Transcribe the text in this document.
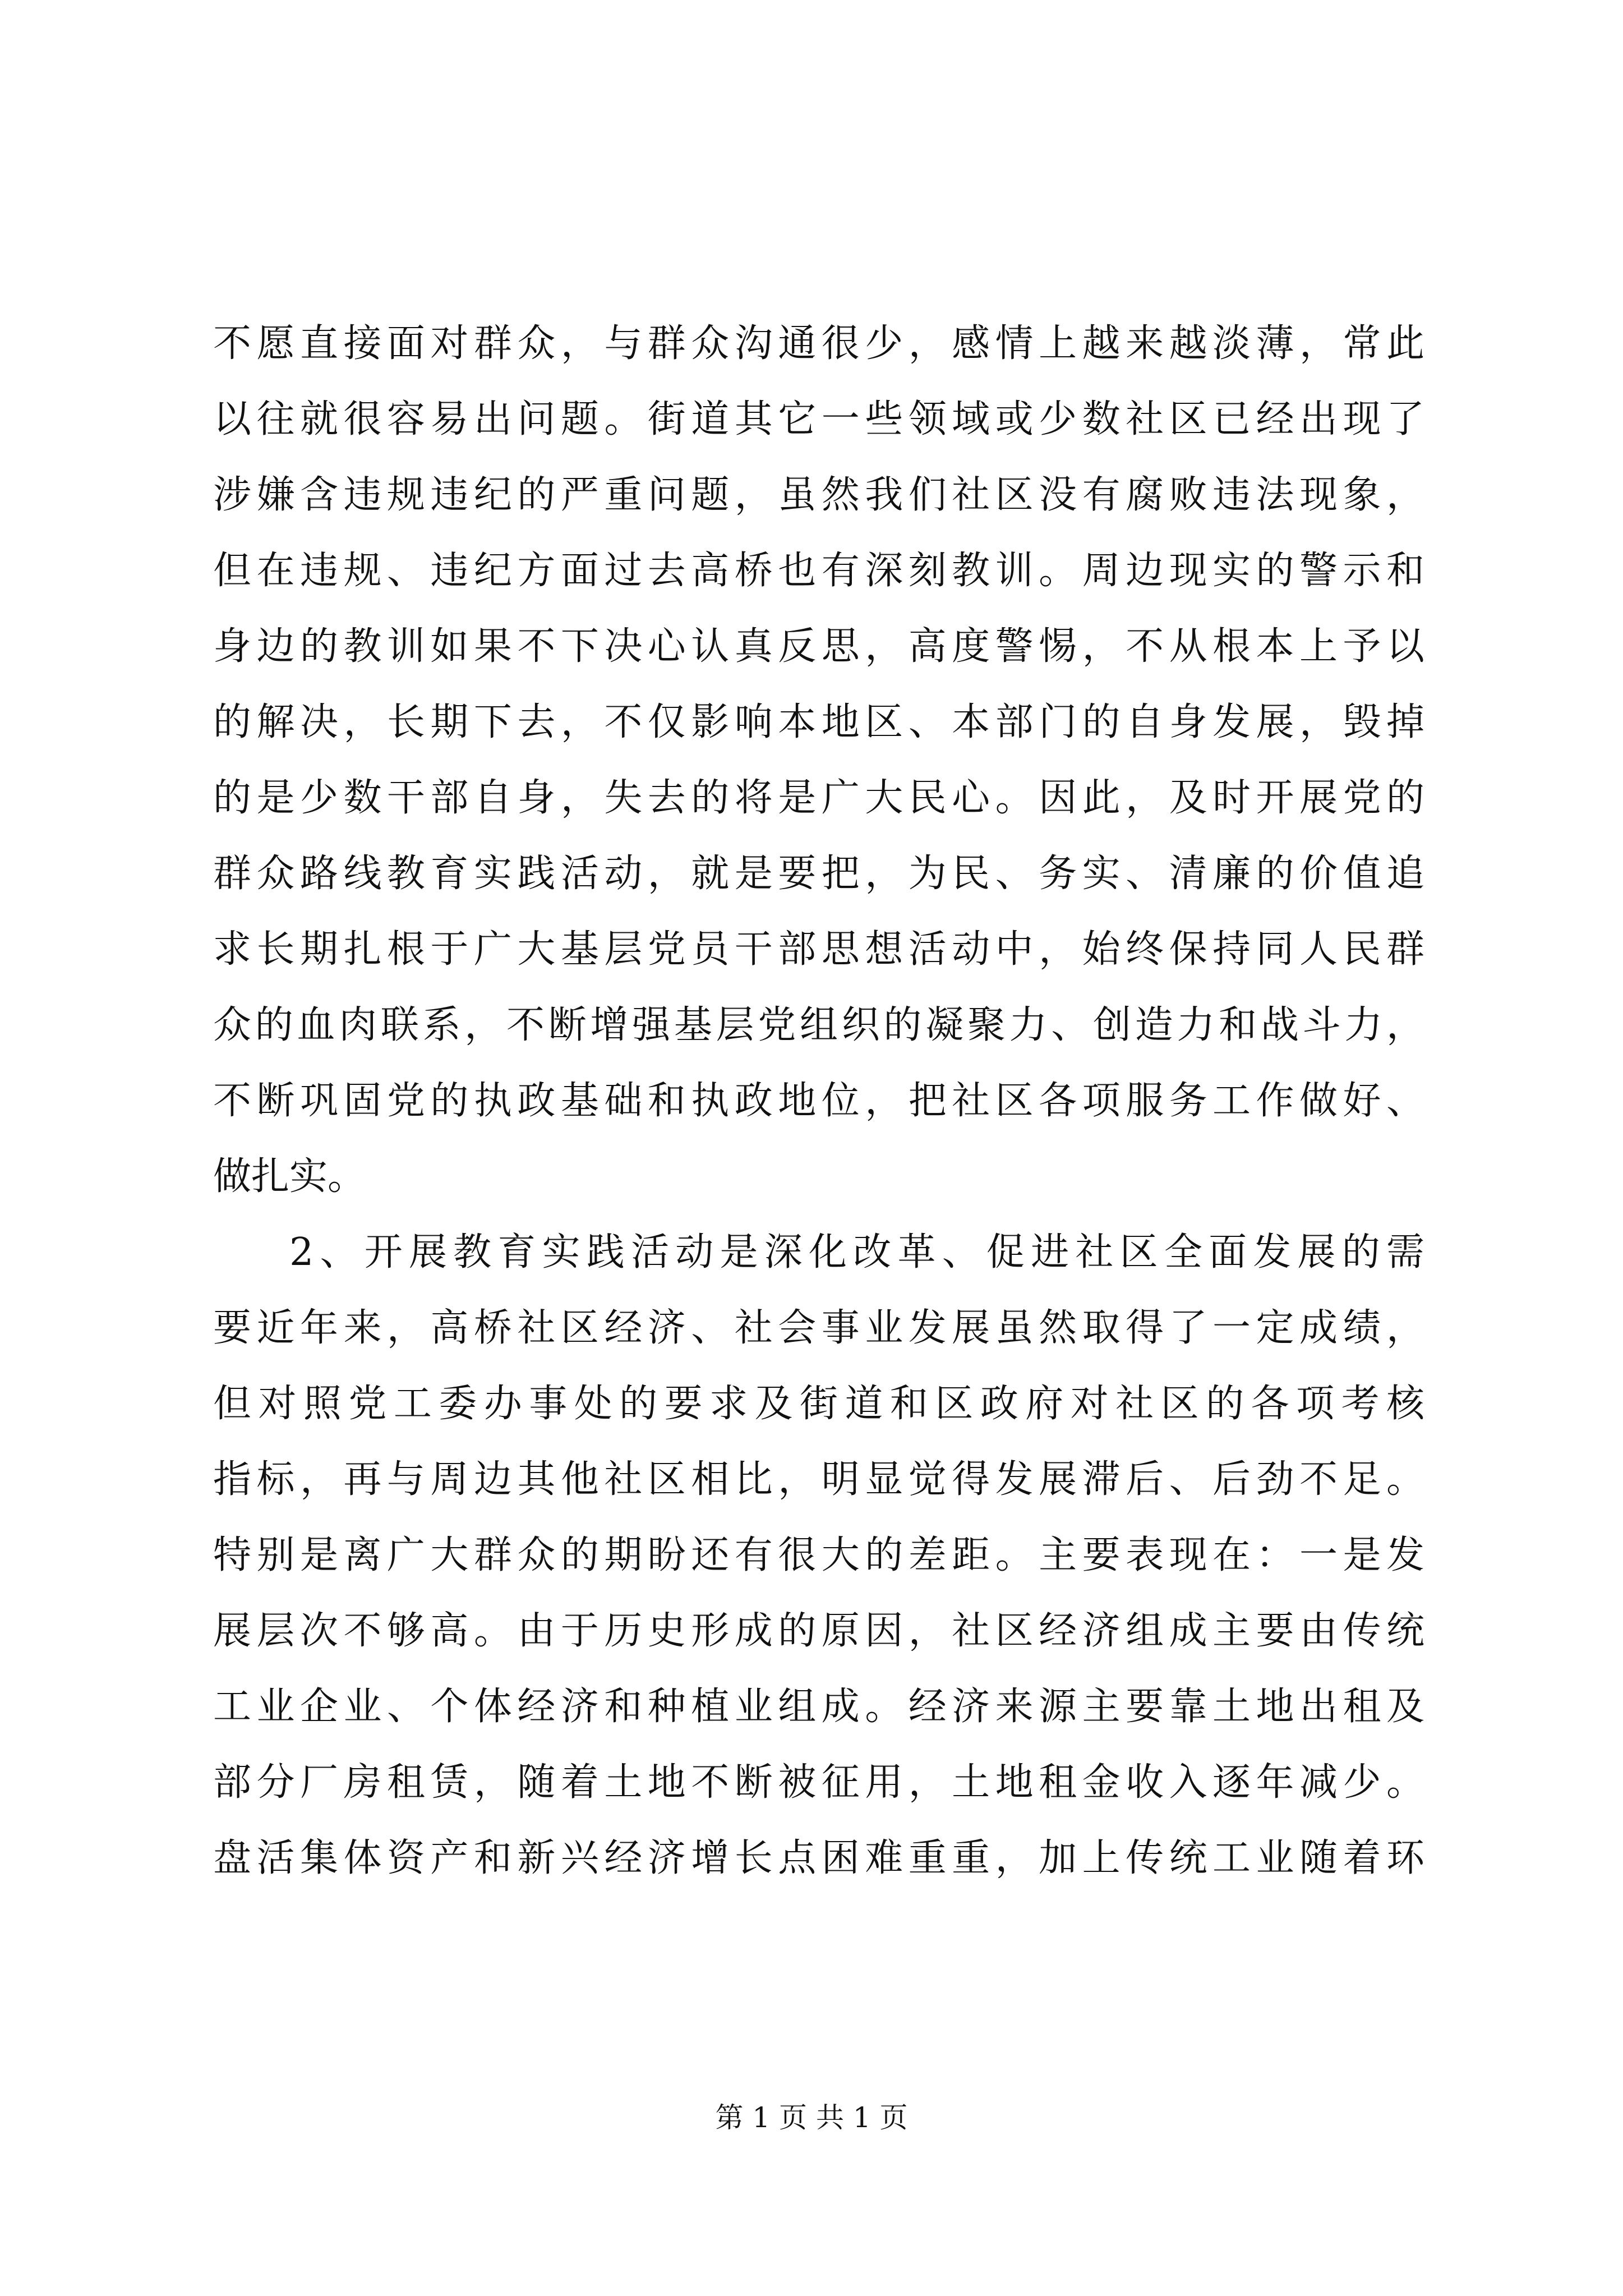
不愿直接面对群众，与群众沟通很少，感情上越来越淡薄，常此
以往就很容易出问题。街道其它一些领域或少数社区已经出现了
涉嫌含违规违纪的严重问题，虽然我们社区没有腐败违法现象，
但在违规、违纪方面过去高桥也有深刻教训。周边现实的警示和
身边的教训如果不下决心认真反思，高度警惕，不从根本上予以
的解决，长期下去，不仅影响本地区、本部门的自身发展，毁掉
的是少数干部自身，失去的将是广大民心。因此，及时开展党的
群众路线教育实践活动，就是要把，为民、务实、清廉的价值追
求长期扎根于广大基层党员干部思想活动中，始终保持同人民群
众的血肉联系，不断增强基层党组织的凝聚力、创造力和战斗力，
不断巩固党的执政基础和执政地位，把社区各项服务工作做好、
做扎实。
2、开展教育实践活动是深化改革、促进社区全面发展的需
要近年来，高桥社区经济、社会事业发展虽然取得了一定成绩，
但对照党工委办事处的要求及街道和区政府对社区的各项考核
指标，再与周边其他社区相比，明显觉得发展滞后、后劲不足。
特别是离广大群众的期盼还有很大的差距。主要表现在：一是发
展层次不够高。由于历史形成的原因，社区经济组成主要由传统
工业企业、个体经济和种植业组成。经济来源主要靠土地出租及
部分厂房租赁，随着土地不断被征用，土地租金收入逐年减少。
盘活集体资产和新兴经济增长点困难重重，加上传统工业随着环
第 1 页 共 1 页
